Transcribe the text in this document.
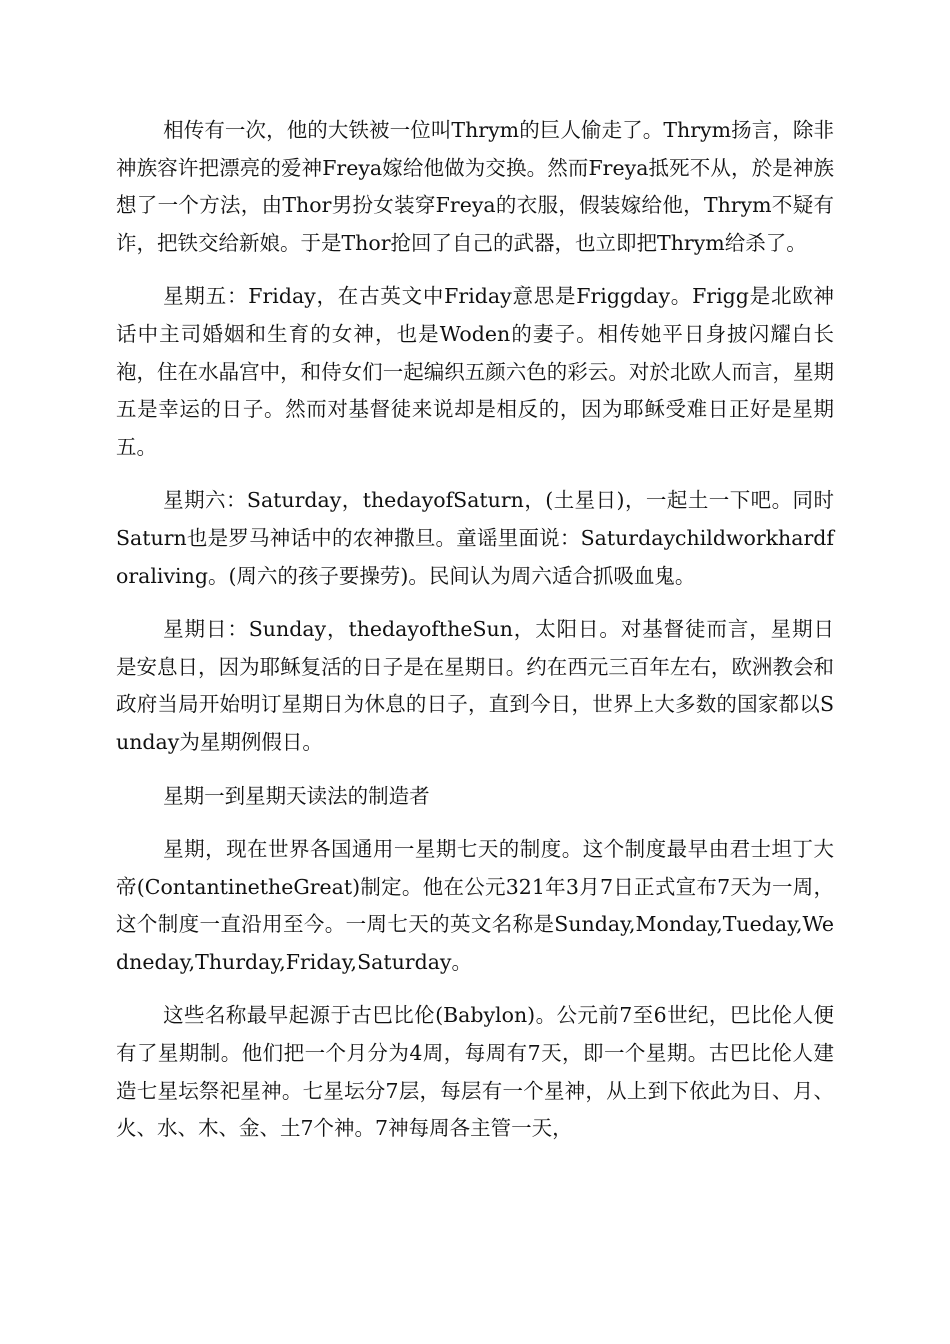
相传有一次，他的大铁被一位叫Thrym的巨人偷走了。Thrym扬言，除非神族容许把漂亮的爱神Freya嫁给他做为交换。然而Freya抵死不从，於是神族想了一个方法，由Thor男扮女装穿Freya的衣服，假装嫁给他，Thrym不疑有诈，把铁交给新娘。于是Thor抢回了自己的武器，也立即把Thrym给杀了。

星期五：Friday，在古英文中Friday意思是Friggday。Frigg是北欧神话中主司婚姻和生育的女神，也是Woden的妻子。相传她平日身披闪耀白长袍，住在水晶宫中，和侍女们一起编织五颜六色的彩云。对於北欧人而言，星期五是幸运的日子。然而对基督徒来说却是相反的，因为耶稣受难日正好是星期五。

星期六：Saturday，thedayofSaturn，(土星日)，一起土一下吧。同时Saturn也是罗马神话中的农神撒旦。童谣里面说：Saturdaychildworkhardforaliving。(周六的孩子要操劳)。民间认为周六适合抓吸血鬼。

星期日：Sunday，thedayoftheSun，太阳日。对基督徒而言，星期日是安息日，因为耶稣复活的日子是在星期日。约在西元三百年左右，欧洲教会和政府当局开始明订星期日为休息的日子，直到今日，世界上大多数的国家都以Sunday为星期例假日。

星期一到星期天读法的制造者

星期，现在世界各国通用一星期七天的制度。这个制度最早由君士坦丁大帝(ContantinetheGreat)制定。他在公元321年3月7日正式宣布7天为一周，这个制度一直沿用至今。一周七天的英文名称是Sunday,Monday,Tueday,Wedneday,Thurday,Friday,Saturday。

这些名称最早起源于古巴比伦(Babylon)。公元前7至6世纪，巴比伦人便有了星期制。他们把一个月分为4周，每周有7天，即一个星期。古巴比伦人建造七星坛祭祀星神。七星坛分7层，每层有一个星神，从上到下依此为日、月、火、水、木、金、土7个神。7神每周各主管一天，
